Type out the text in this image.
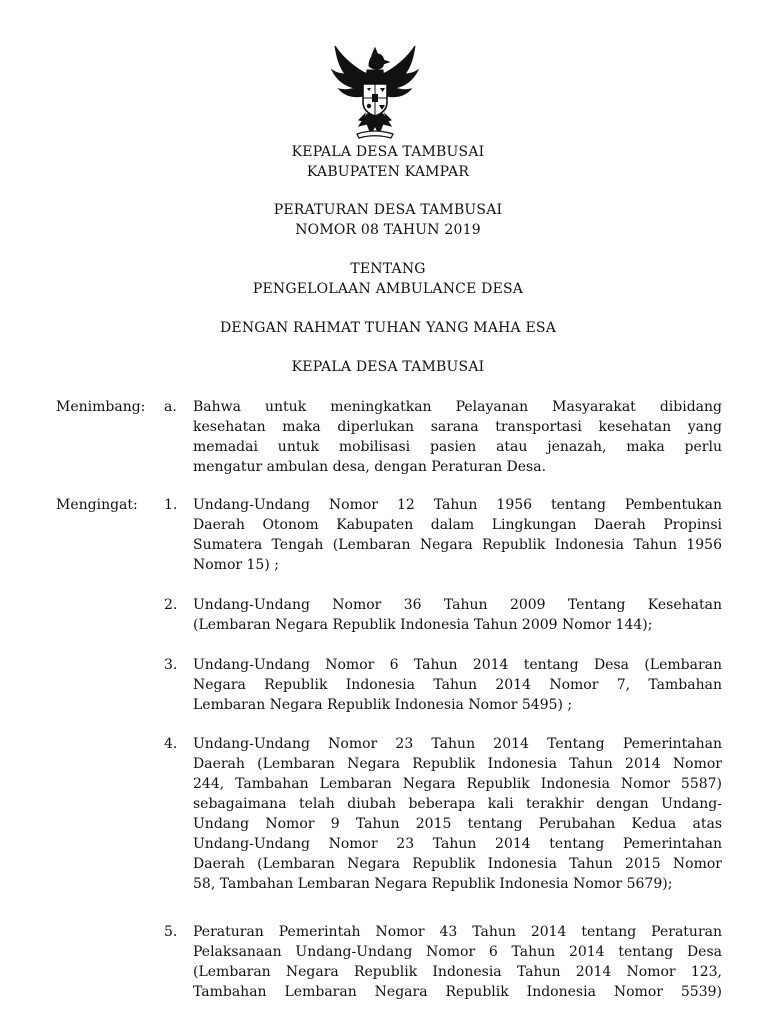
KEPALA DESA TAMBUSAI
KABUPATEN KAMPAR
PERATURAN DESA TAMBUSAI
NOMOR 08 TAHUN 2019
TENTANG
PENGELOLAAN AMBULANCE DESA
DENGAN RAHMAT TUHAN YANG MAHA ESA
KEPALA DESA TAMBUSAI
Menimbang: a. Bahwa untuk meningkatkan Pelayanan Masyarakat dibidang
kesehatan maka diperlukan sarana transportasi kesehatan yang
memadai untuk mobilisasi pasien atau jenazah, maka perlu
mengatur ambulan desa, dengan Peraturan Desa.
Mengingat: 1. Undang-Undang Nomor 12 Tahun 1956 tentang Pembentukan
Daerah Otonom Kabupaten dalam Lingkungan Daerah Propinsi
Sumatera Tengah (Lembaran Negara Republik Indonesia Tahun 1956
Nomor 15) ;
2. Undang-Undang Nomor 36 Tahun 2009 Tentang Kesehatan
(Lembaran Negara Republik Indonesia Tahun 2009 Nomor 144);
3. Undang-Undang Nomor 6 Tahun 2014 tentang Desa (Lembaran
Negara Republik Indonesia Tahun 2014 Nomor 7, Tambahan
Lembaran Negara Republik Indonesia Nomor 5495) ;
4. Undang-Undang Nomor 23 Tahun 2014 Tentang Pemerintahan
Daerah (Lembaran Negara Republik Indonesia Tahun 2014 Nomor
244, Tambahan Lembaran Negara Republik Indonesia Nomor 5587)
sebagaimana telah diubah beberapa kali terakhir dengan Undang-
Undang Nomor 9 Tahun 2015 tentang Perubahan Kedua atas
Undang-Undang Nomor 23 Tahun 2014 tentang Pemerintahan
Daerah (Lembaran Negara Republik Indonesia Tahun 2015 Nomor
58, Tambahan Lembaran Negara Republik Indonesia Nomor 5679);
5. Peraturan Pemerintah Nomor 43 Tahun 2014 tentang Peraturan
Pelaksanaan Undang-Undang Nomor 6 Tahun 2014 tentang Desa
(Lembaran Negara Republik Indonesia Tahun 2014 Nomor 123,
Tambahan Lembaran Negara Republik Indonesia Nomor 5539)
